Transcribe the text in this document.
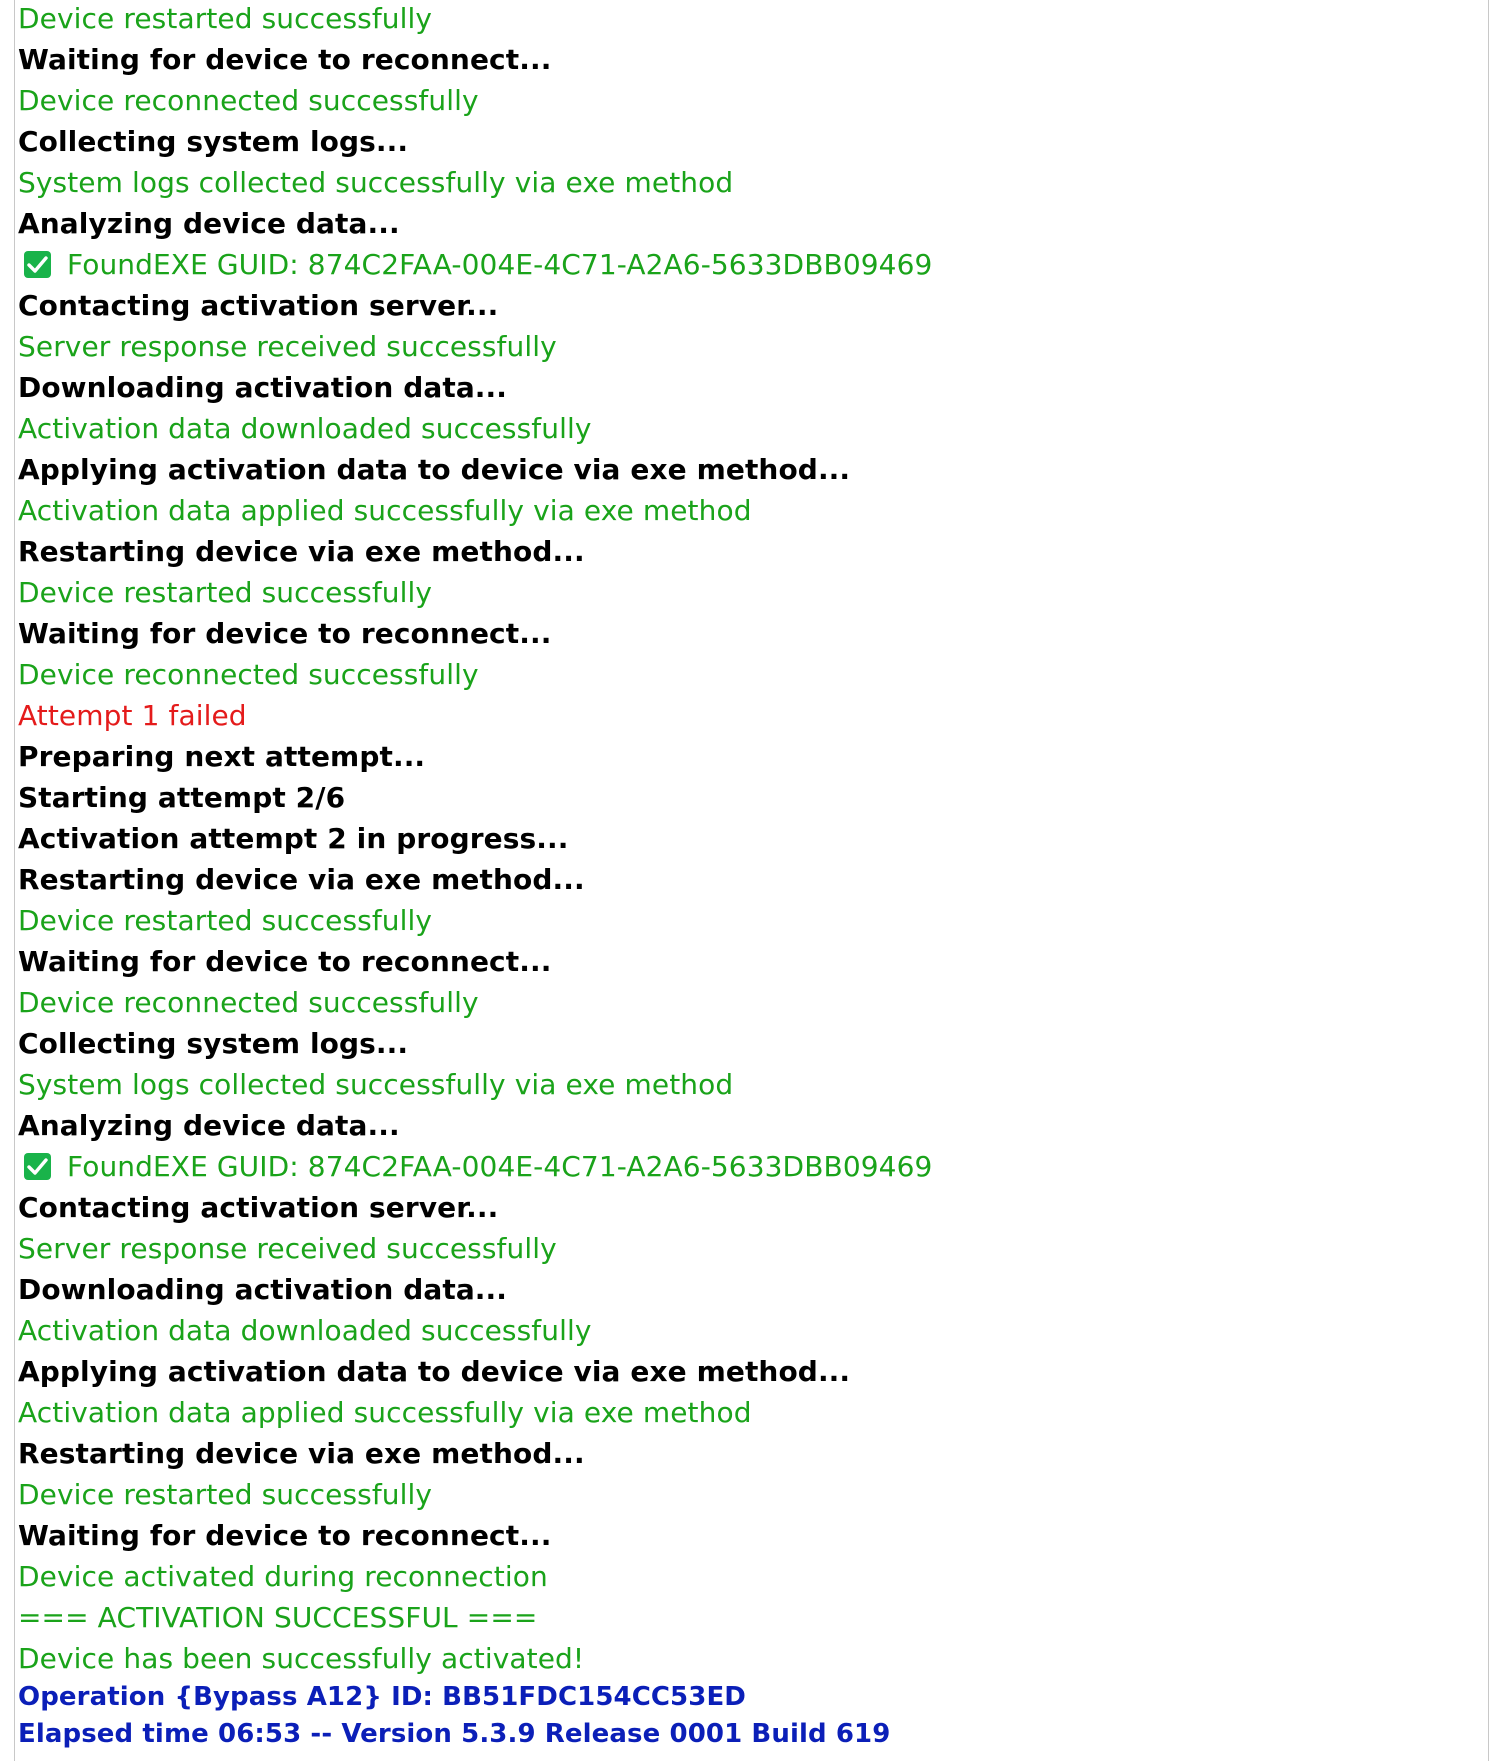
Device restarted successfully
Waiting for device to reconnect...
Device reconnected successfully
Collecting system logs...
System logs collected successfully via exe method
Analyzing device data...
FoundEXE GUID: 874C2FAA-004E-4C71-A2A6-5633DBB09469
Contacting activation server...
Server response received successfully
Downloading activation data...
Activation data downloaded successfully
Applying activation data to device via exe method...
Activation data applied successfully via exe method
Restarting device via exe method...
Device restarted successfully
Waiting for device to reconnect...
Device reconnected successfully
Attempt 1 failed
Preparing next attempt...
Starting attempt 2/6
Activation attempt 2 in progress...
Restarting device via exe method...
Device restarted successfully
Waiting for device to reconnect...
Device reconnected successfully
Collecting system logs...
System logs collected successfully via exe method
Analyzing device data...
FoundEXE GUID: 874C2FAA-004E-4C71-A2A6-5633DBB09469
Contacting activation server...
Server response received successfully
Downloading activation data...
Activation data downloaded successfully
Applying activation data to device via exe method...
Activation data applied successfully via exe method
Restarting device via exe method...
Device restarted successfully
Waiting for device to reconnect...
Device activated during reconnection
=== ACTIVATION SUCCESSFUL ===
Device has been successfully activated!
Operation {Bypass A12} ID: BB51FDC154CC53ED
Elapsed time 06:53 -- Version 5.3.9 Release 0001 Build 619
